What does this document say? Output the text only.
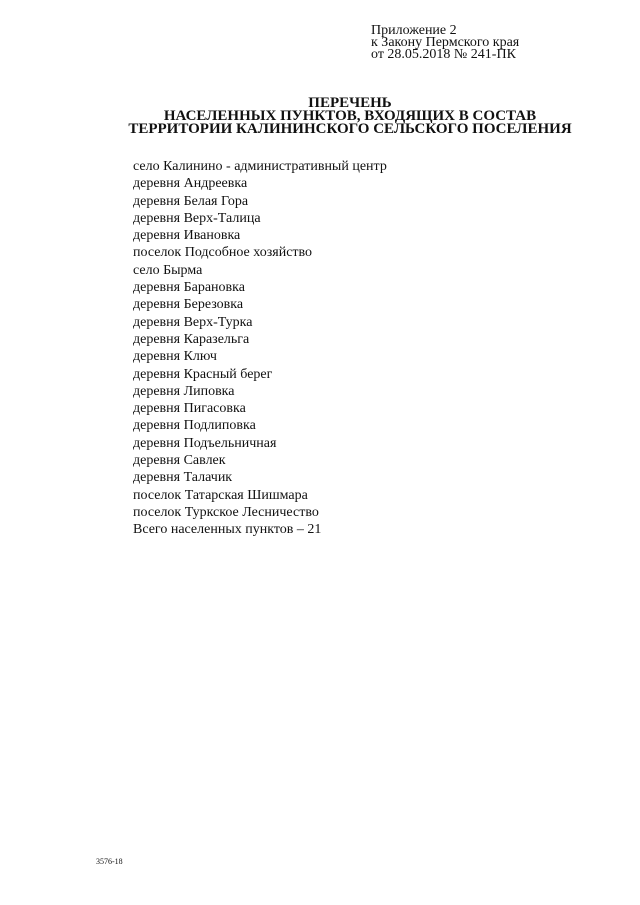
Приложение 2
к Закону Пермского края
от 28.05.2018 № 241-ПК
ПЕРЕЧЕНЬ
НАСЕЛЕННЫХ ПУНКТОВ, ВХОДЯЩИХ В СОСТАВ
ТЕРРИТОРИИ КАЛИНИНСКОГО СЕЛЬСКОГО ПОСЕЛЕНИЯ
село Калинино - административный центр
деревня Андреевка
деревня Белая Гора
деревня Верх-Талица
деревня Ивановка
поселок Подсобное хозяйство
село Бырма
деревня Барановка
деревня Березовка
деревня Верх-Турка
деревня Каразельга
деревня Ключ
деревня Красный берег
деревня Липовка
деревня Пигасовка
деревня Подлиповка
деревня Подъельничная
деревня Савлек
деревня Талачик
поселок Татарская Шишмара
поселок Туркское Лесничество
Всего населенных пунктов – 21
3576-18
